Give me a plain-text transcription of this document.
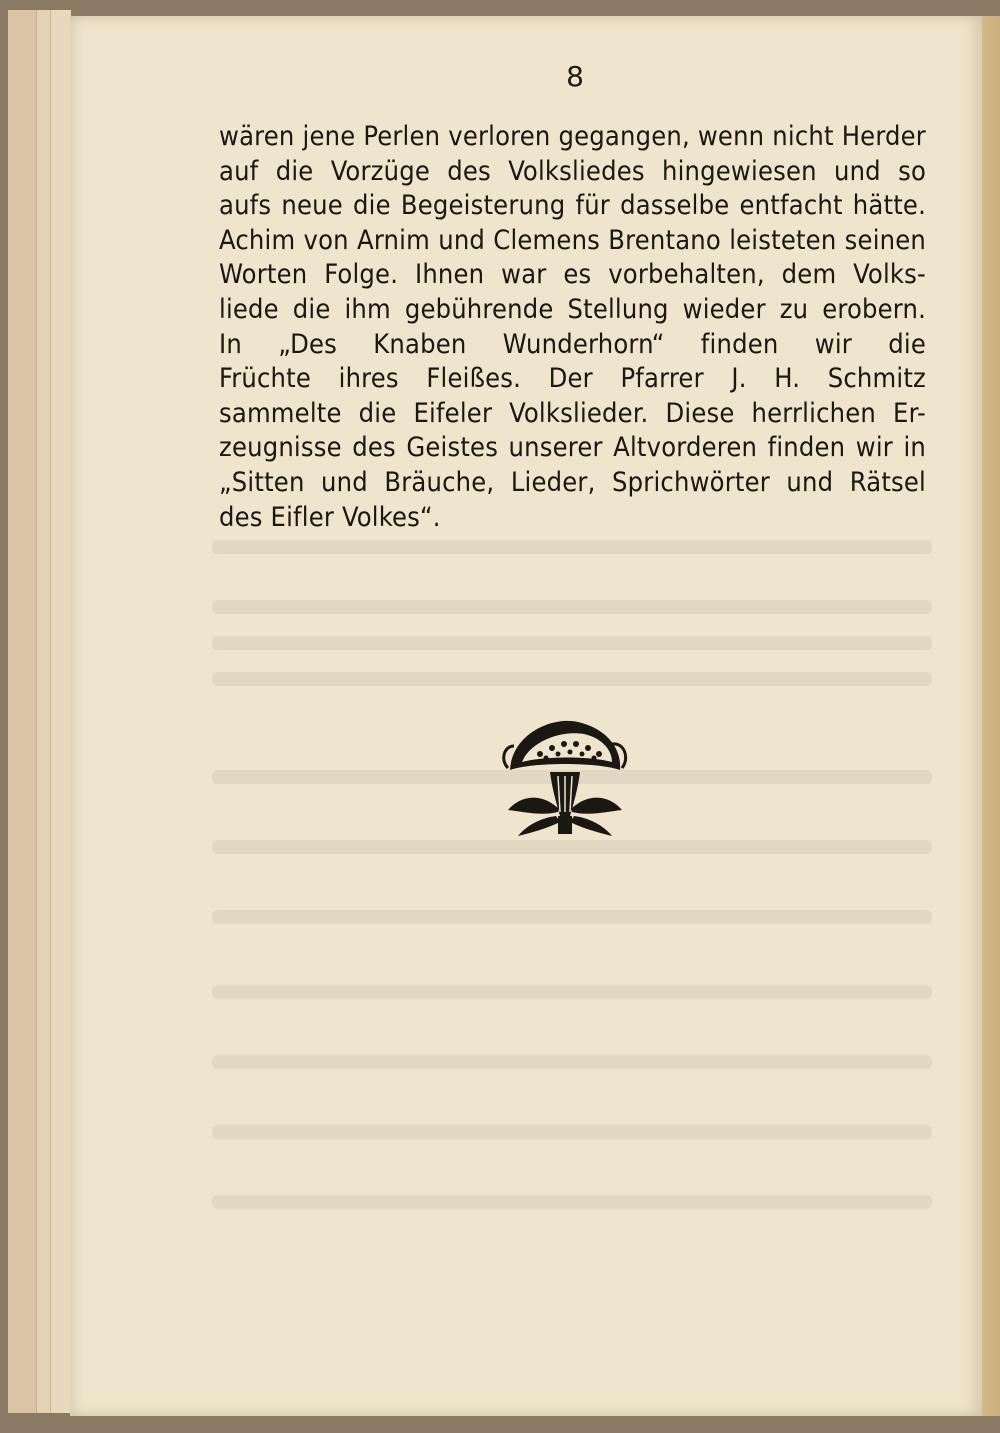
8
wären jene Perlen verloren gegangen, wenn nicht Herder
auf die Vorzüge des Volksliedes hingewiesen und so
aufs neue die Begeisterung für dasselbe entfacht hätte.
Achim von Arnim und Clemens Brentano leisteten seinen
Worten Folge. Ihnen war es vorbehalten, dem Volks-
liede die ihm gebührende Stellung wieder zu erobern.
In „Des Knaben Wunderhorn“ finden wir die
Früchte ihres Fleißes. Der Pfarrer J. H. Schmitz
sammelte die Eifeler Volkslieder. Diese herrlichen Er-
zeugnisse des Geistes unserer Altvorderen finden wir in
„Sitten und Bräuche, Lieder, Sprichwörter und Rätsel
des Eifler Volkes“.
